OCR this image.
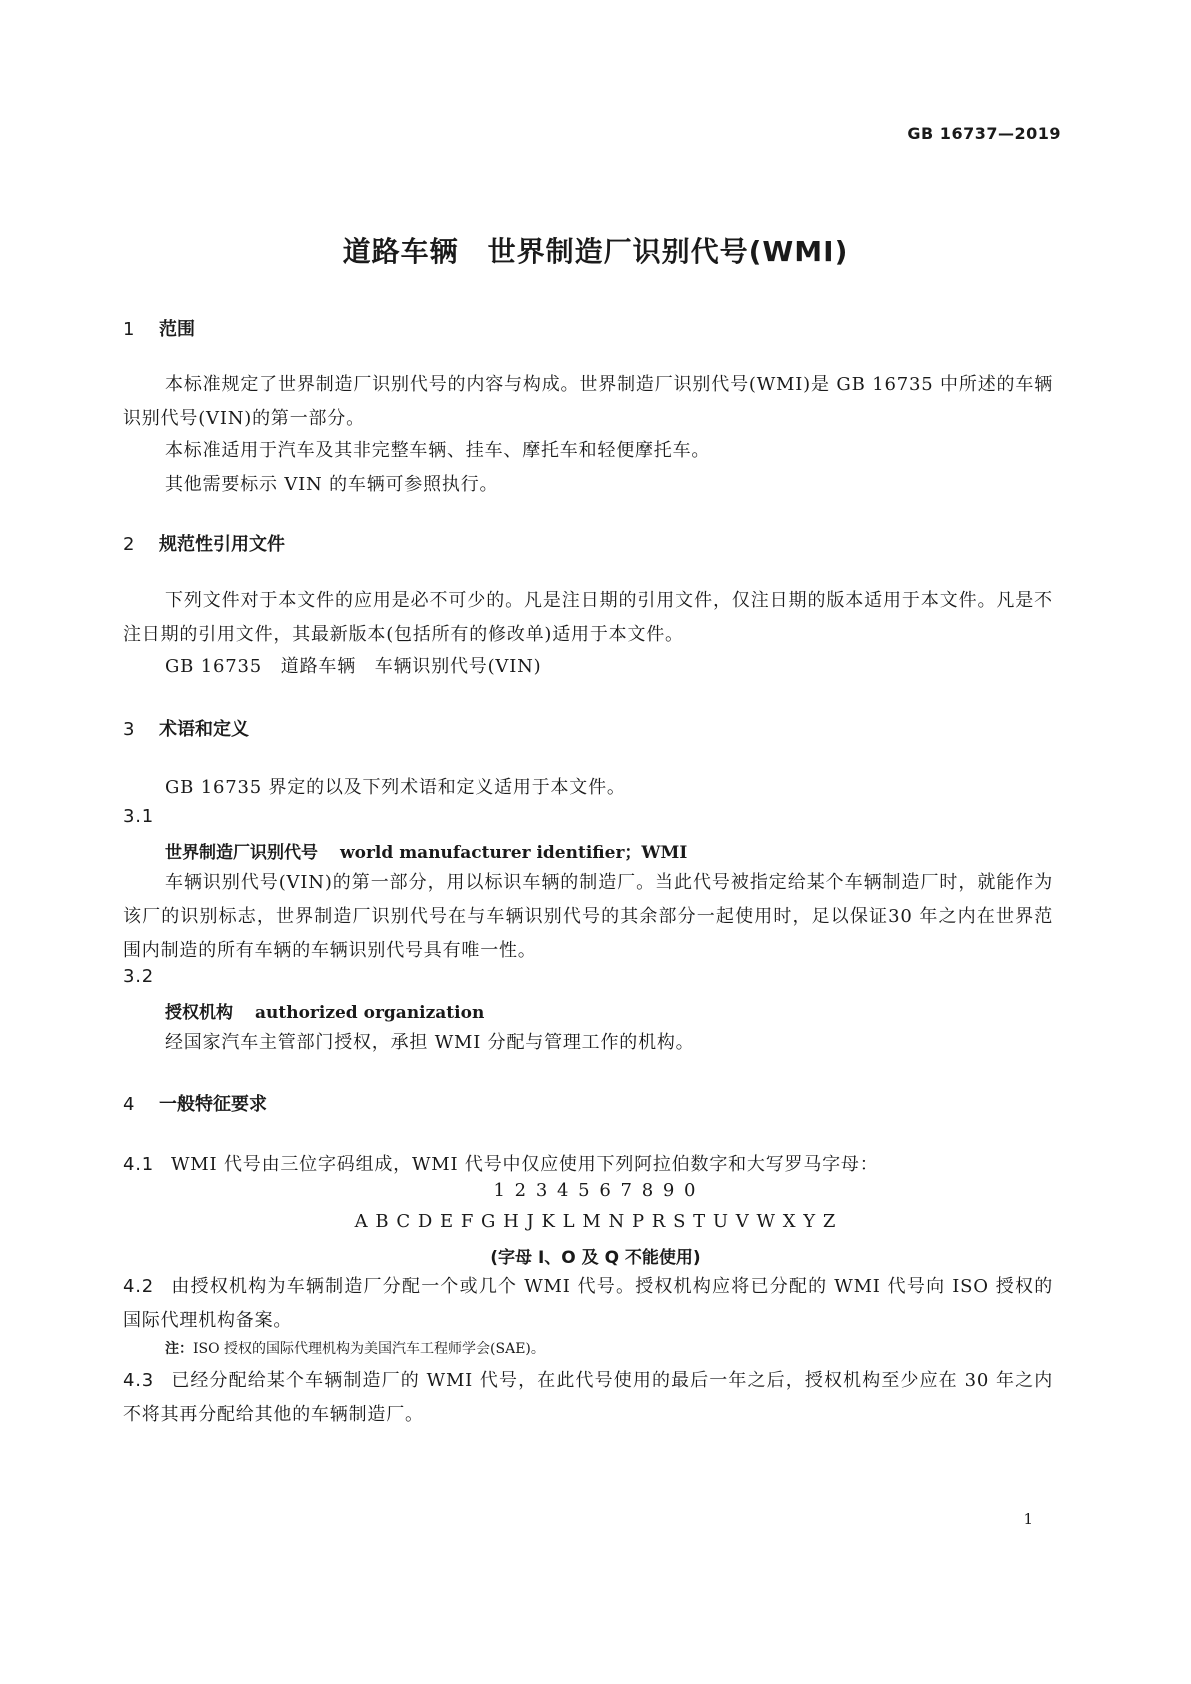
GB 16737—2019
道路车辆　世界制造厂识别代号(WMI)
1 范围
本标准规定了世界制造厂识别代号的内容与构成。世界制造厂识别代号(WMI)是 GB 16735 中所述的车辆识别代号(VIN)的第一部分。
本标准适用于汽车及其非完整车辆、挂车、摩托车和轻便摩托车。
其他需要标示 VIN 的车辆可参照执行。
2 规范性引用文件
下列文件对于本文件的应用是必不可少的。凡是注日期的引用文件，仅注日期的版本适用于本文件。凡是不注日期的引用文件，其最新版本(包括所有的修改单)适用于本文件。
GB 16735　道路车辆　车辆识别代号(VIN)
3 术语和定义
GB 16735 界定的以及下列术语和定义适用于本文件。
3.1
世界制造厂识别代号 world manufacturer identifier；WMI
车辆识别代号(VIN)的第一部分，用以标识车辆的制造厂。当此代号被指定给某个车辆制造厂时，就能作为该厂的识别标志，世界制造厂识别代号在与车辆识别代号的其余部分一起使用时，足以保证30 年之内在世界范围内制造的所有车辆的车辆识别代号具有唯一性。
3.2
授权机构 authorized organization
经国家汽车主管部门授权，承担 WMI 分配与管理工作的机构。
4 一般特征要求
4.1 WMI 代号由三位字码组成，WMI 代号中仅应使用下列阿拉伯数字和大写罗马字母：
1 2 3 4 5 6 7 8 9 0
A B C D E F G H J K L M N P R S T U V W X Y Z
(字母 I、O 及 Q 不能使用)
4.2 由授权机构为车辆制造厂分配一个或几个 WMI 代号。授权机构应将已分配的 WMI 代号向 ISO 授权的国际代理机构备案。
注：ISO 授权的国际代理机构为美国汽车工程师学会(SAE)。
4.3 已经分配给某个车辆制造厂的 WMI 代号，在此代号使用的最后一年之后，授权机构至少应在 30 年之内不将其再分配给其他的车辆制造厂。
1
